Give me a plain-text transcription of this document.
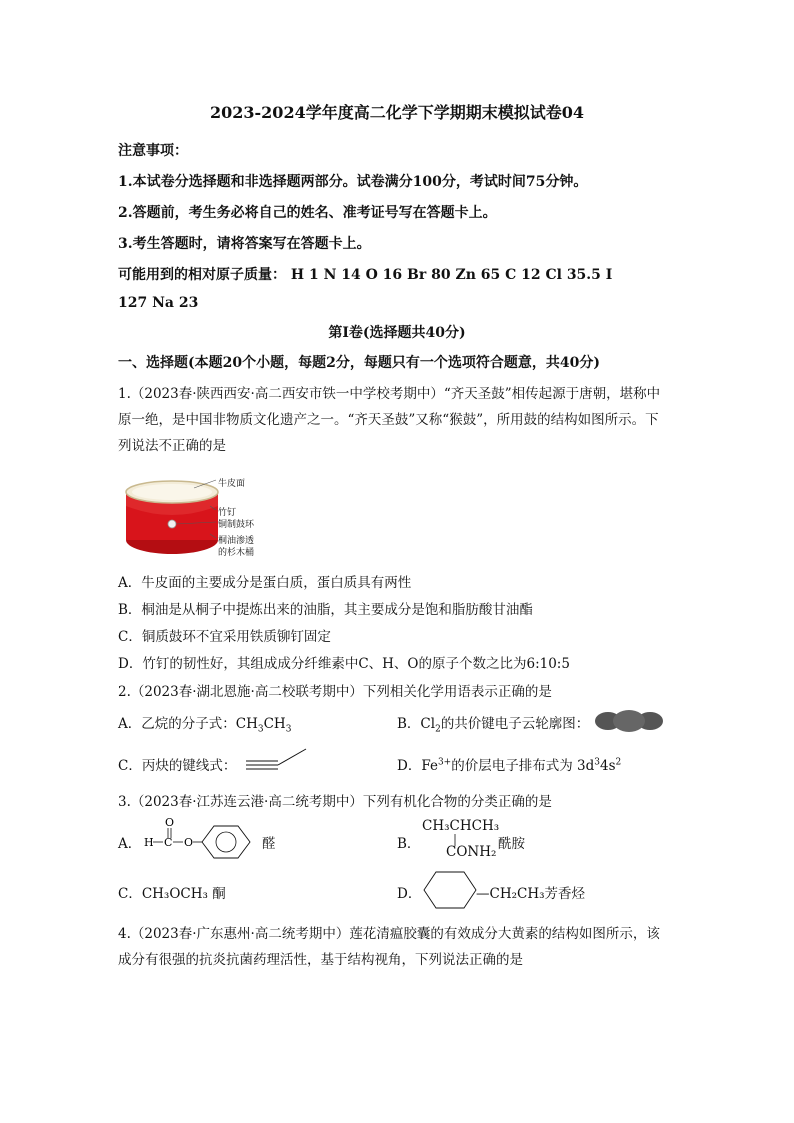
2023-2024学年度高二化学下学期期末模拟试卷04
注意事项：
1.本试卷分选择题和非选择题两部分。试卷满分100分，考试时间75分钟。
2.答题前，考生务必将自己的姓名、准考证号写在答题卡上。
3.考生答题时，请将答案写在答题卡上。
可能用到的相对原子质量： H 1 N 14 O 16 Br 80 Zn 65 C 12 Cl 35.5 I
127 Na 23
第Ⅰ卷(选择题共40分)
一、选择题(本题20个小题，每题2分，每题只有一个选项符合题意，共40分)
1.（2023春·陕西西安·高二西安市铁一中学校考期中）“齐天圣鼓”相传起源于唐朝，堪称中
原一绝，是中国非物质文化遗产之一。“齐天圣鼓”又称“猴鼓”，所用鼓的结构如图所示。下
列说法不正确的是
牛皮面
竹钉
铜制鼓环
桐油渗透
的杉木桶
A．牛皮面的主要成分是蛋白质，蛋白质具有两性
B．桐油是从桐子中提炼出来的油脂，其主要成分是饱和脂肪酸甘油酯
C．铜质鼓环不宜采用铁质铆钉固定
D．竹钉的韧性好，其组成成分纤维素中C、H、O的原子个数之比为6:10:5
2.（2023春·湖北恩施·高二校联考期中）下列相关化学用语表示正确的是
A．乙烷的分子式：$CH_3CH_3$	B．$Cl_2$的共价键电子云轮廓图：
C．丙炔的键线式：	D．$Fe^{3+}$的价层电子排布式为 $3d^34s^2$
3.（2023春·江苏连云港·高二统考期中）下列有机化合物的分类正确的是
A．
O
H C O	醛	B．
CH₃CHCH₃
CONH₂ 酰胺
C．CH₃OCH₃ 酮	D．	—CH₂CH₃芳香烃
4.（2023春·广东惠州·高二统考期中）莲花清瘟胶囊的有效成分大黄素的结构如图所示，该
成分有很强的抗炎抗菌药理活性，基于结构视角，下列说法正确的是
